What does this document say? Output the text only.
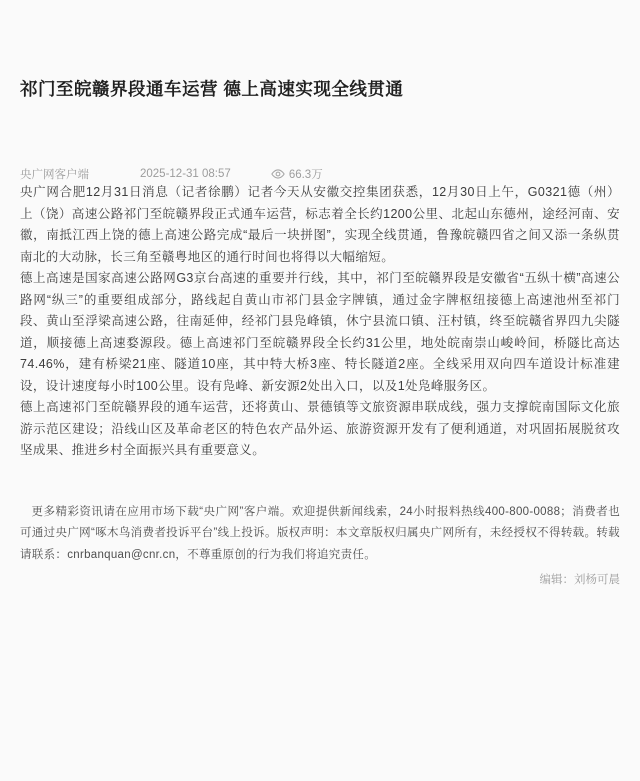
祁门至皖赣界段通车运营 德上高速实现全线贯通
央广网客户端	2025-12-31 08:57	66.3万

央广网合肥12月31日消息（记者徐鹏）记者今天从安徽交控集团获悉，12月30日上午，G0321德（州）上（饶）高速公路祁门至皖赣界段正式通车运营，标志着全长约1200公里、北起山东德州，途经河南、安徽，南抵江西上饶的德上高速公路完成“最后一块拼图”，实现全线贯通，鲁豫皖赣四省之间又添一条纵贯南北的大动脉，长三角至赣粤地区的通行时间也将得以大幅缩短。

德上高速是国家高速公路网G3京台高速的重要并行线，其中，祁门至皖赣界段是安徽省“五纵十横”高速公路网“纵三”的重要组成部分，路线起自黄山市祁门县金字牌镇，通过金字牌枢纽接德上高速池州至祁门段、黄山至浮梁高速公路，往南延伸，经祁门县凫峰镇，休宁县流口镇、汪村镇，终至皖赣省界四九尖隧道，顺接德上高速婺源段。德上高速祁门至皖赣界段全长约31公里，地处皖南崇山峻岭间，桥隧比高达74.46%，建有桥梁21座、隧道10座，其中特大桥3座、特长隧道2座。全线采用双向四车道设计标准建设，设计速度每小时100公里。设有凫峰、新安源2处出入口，以及1处凫峰服务区。

德上高速祁门至皖赣界段的通车运营，还将黄山、景德镇等文旅资源串联成线，强力支撑皖南国际文化旅游示范区建设；沿线山区及革命老区的特色农产品外运、旅游资源开发有了便利通道，对巩固拓展脱贫攻坚成果、推进乡村全面振兴具有重要意义。

更多精彩资讯请在应用市场下载“央广网”客户端。欢迎提供新闻线索，24小时报料热线400-800-0088；消费者也可通过央广网“啄木鸟消费者投诉平台”线上投诉。版权声明：本文章版权归属央广网所有，未经授权不得转载。转载请联系：cnrbanquan@cnr.cn，不尊重原创的行为我们将追究责任。

编辑：刘杨可晨
